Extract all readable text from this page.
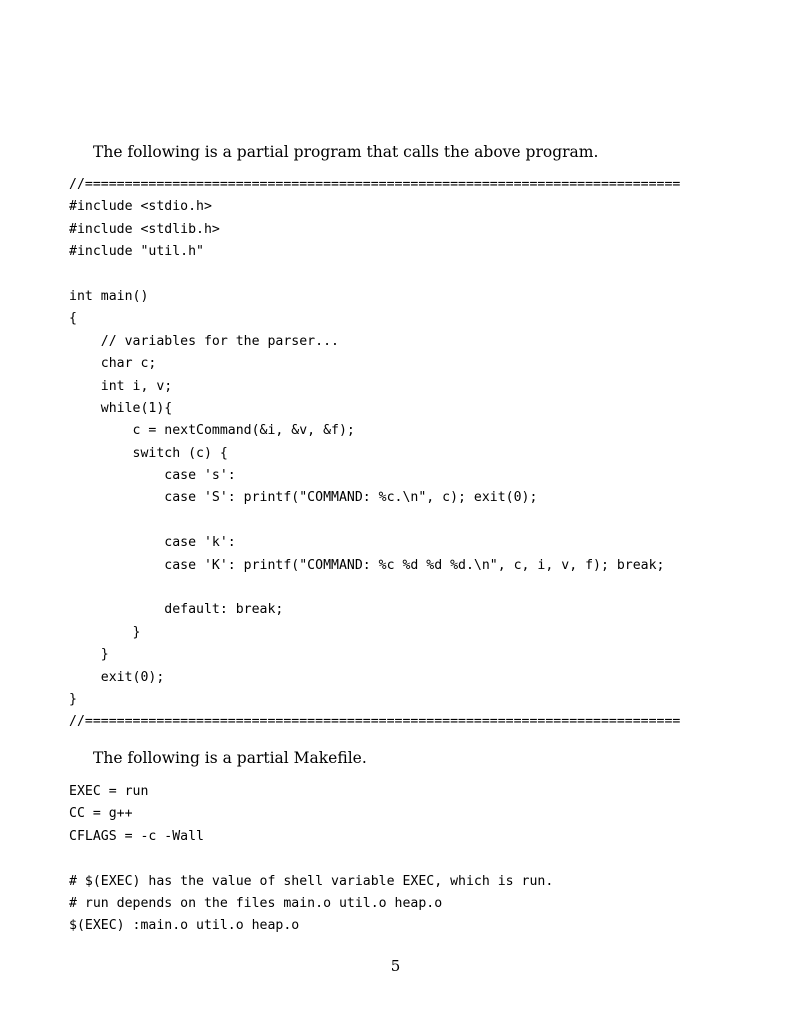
The following is a partial program that calls the above program.
//===========================================================================
#include <stdio.h>
#include <stdlib.h>
#include "util.h"
int main()
{
// variables for the parser...
char c;
int i, v;
while(1){
c = nextCommand(&i, &v, &f);
switch (c) {
case 's':
case 'S': printf("COMMAND: %c.\n", c); exit(0);
case 'k':
case 'K': printf("COMMAND: %c %d %d %d.\n", c, i, v, f); break;
default: break;
}
}
exit(0);
}
//===========================================================================
The following is a partial Makefile.
EXEC = run
CC = g++
CFLAGS = -c -Wall
# $(EXEC) has the value of shell variable EXEC, which is run.
# run depends on the files main.o util.o heap.o
$(EXEC) :main.o util.o heap.o
5
